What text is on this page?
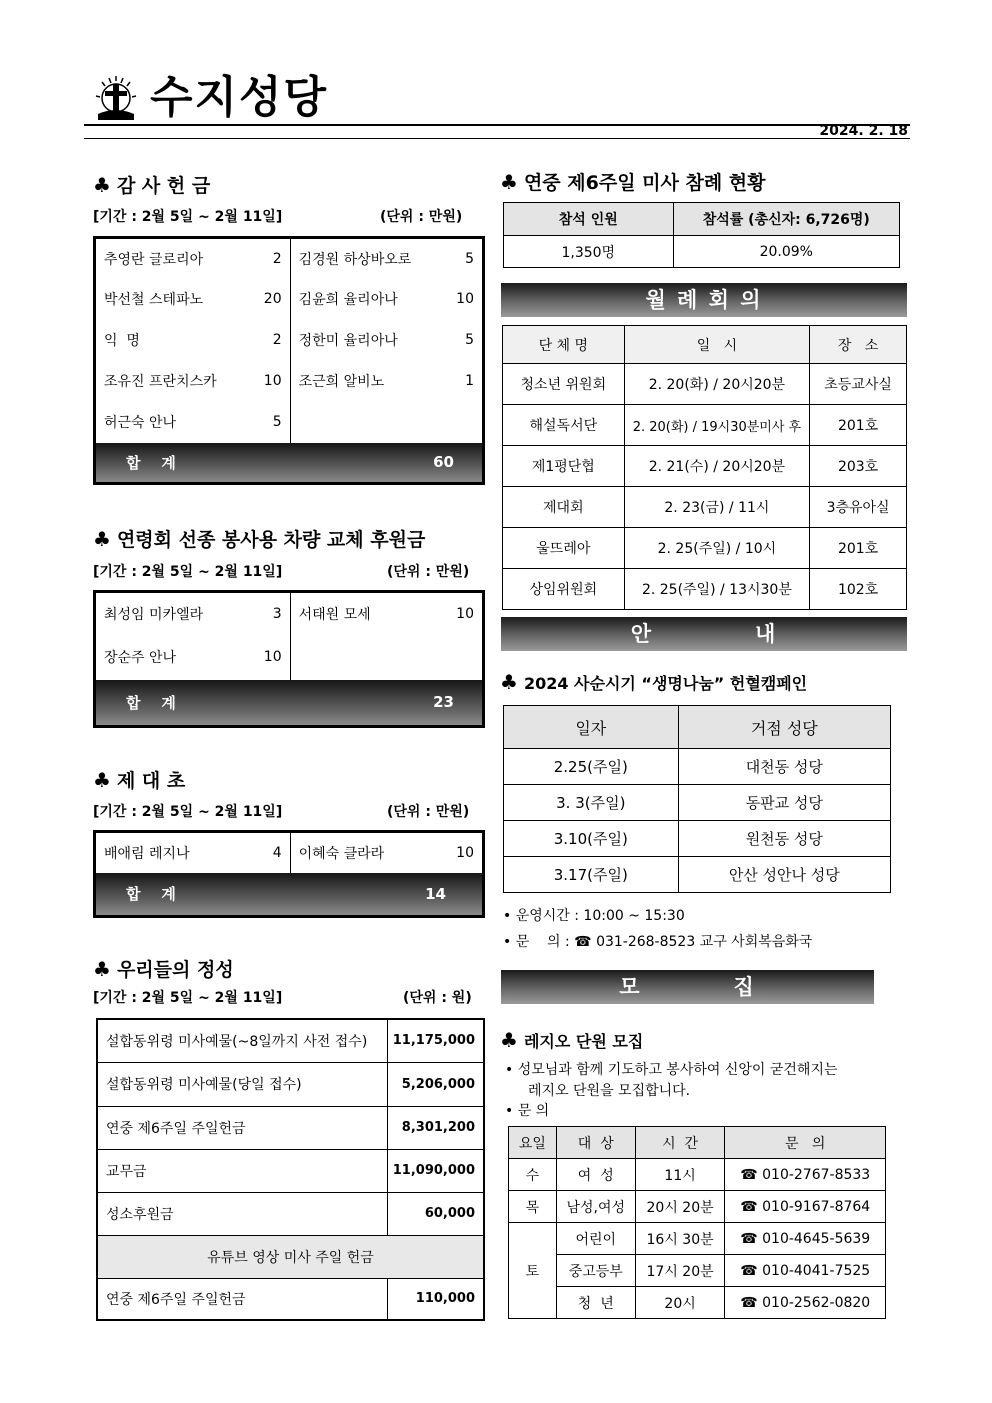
수지성당
2024. 2. 18
♣ 감 사 헌 금
[기간 : 2월 5일 ~ 2월 11일]	(단위 : 만원)
추영란 글로리아	2	김경원 하상바오로	5
박선철 스테파노	20	김윤희 율리아나	10
익  명	2	정한미 율리아나	5
조유진 프란치스카	10	조근희 알비노	1
허근숙 안나	5		
합    계		60	
♣ 연령회 선종 봉사용 차량 교체 후원금
[기간 : 2월 5일 ~ 2월 11일]	(단위 : 만원)
최성임 미카엘라	3	서태원 모세	10
장순주 안나	10		
합    계		23	
♣ 제 대 초
[기간 : 2월 5일 ~ 2월 11일]	(단위 : 만원)
배애림 레지나	4	이혜숙 클라라	10
합    계		14	
♣ 우리들의 정성
[기간 : 2월 5일 ~ 2월 11일]	(단위 : 원)
설합동위령 미사예물(~8일까지 사전 접수)	11,175,000
설합동위령 미사예물(당일 접수)	5,206,000
연중 제6주일 주일헌금	8,301,200
교무금	11,090,000
성소후원금	60,000
유튜브 영상 미사 주일 헌금	
연중 제6주일 주일헌금	110,000
♣ 연중 제6주일 미사 참례 현황
참석 인원	참석률 (총신자: 6,726명)
1,350명	20.09%
월 례 회 의
단 체 명	일   시	장   소
청소년 위원회	2. 20(화) / 20시20분	초등교사실
해설독서단	2. 20(화) / 19시30분미사 후	201호
제1평단협	2. 21(수) / 20시20분	203호
제대회	2. 23(금) / 11시	3층유아실
울뜨레아	2. 25(주일) / 10시	201호
상임위원회	2. 25(주일) / 13시30분	102호
안	내
♣ 2024 사순시기 “생명나눔” 헌혈캠페인
일자	거점 성당
2.25(주일)	대천동 성당
3. 3(주일)	동판교 성당
3.10(주일)	원천동 성당
3.17(주일)	안산 성안나 성당
• 운영시간 : 10:00 ~ 15:30
• 문    의 : ☎ 031-268-8523 교구 사회복음화국
모	집
♣ 레지오 단원 모집
• 성모님과 함께 기도하고 봉사하여 신앙이 굳건해지는
레지오 단원을 모집합니다.
• 문 의
요일	대  상	시  간	문   의
수	여  성	11시	☎ 010-2767-8533
목	남성,여성	20시 20분	☎ 010-9167-8764
토	어린이	16시 30분	☎ 010-4645-5639
	중고등부	17시 20분	☎ 010-4041-7525
	청  년	20시	☎ 010-2562-0820
